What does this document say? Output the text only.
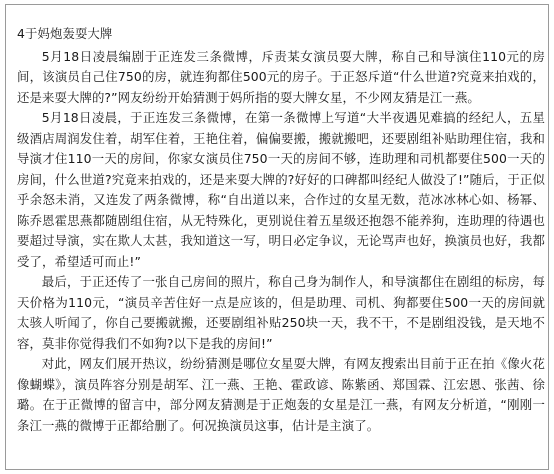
4于妈炮轰耍大牌

5月18日凌晨编剧于正连发三条微博，斥责某女演员耍大牌，称自己和导演住110元的房间，该演员自己住750的房，就连狗都住500元的房子。于正怒斥道“什么世道?究竟来拍戏的，还是来耍大牌的?”网友纷纷开始猜测于妈所指的耍大牌女星，不少网友猜是江一燕。

5月18日凌晨，于正连发三条微博，在第一条微博上写道“大半夜遇见难搞的经纪人，五星级酒店周润发住着，胡军住着，王艳住着，偏偏要搬，搬就搬吧，还要剧组补贴助理住宿，我和导演才住110一天的房间，你家女演员住750一天的房间不够，连助理和司机都要住500一天的房间，什么世道?究竟来拍戏的，还是来耍大牌的?好好的口碑都叫经纪人做没了!”随后，于正似乎余怒未消，又连发了两条微博，称“自出道以来，合作过的女星无数，范冰冰林心如、杨幂、陈乔恩霍思燕都随剧组住宿，从无特殊化，更别说住着五星级还抱怨不能养狗，连助理的待遇也要超过导演，实在欺人太甚，我知道这一写，明日必定争议，无论骂声也好，换演员也好，我都受了，希望适可而止!”

最后，于正还传了一张自己房间的照片，称自己身为制作人，和导演都住在剧组的标房，每天价格为110元，“演员辛苦住好一点是应该的，但是助理、司机、狗都要住500一天的房间就太骇人听闻了，你自己要搬就搬，还要剧组补贴250块一天，我不干，不是剧组没钱，是天地不容，莫非你觉得我们不如狗?以下是我的房间!”

对此，网友们展开热议，纷纷猜测是哪位女星耍大牌，有网友搜索出目前于正在拍《像火花像蝴蝶》，演员阵容分别是胡军、江一燕、王艳、霍政谚、陈紫函、郑国霖、江宏恩、张茜、徐璐。在于正微博的留言中，部分网友猜测是于正炮轰的女星是江一燕，有网友分析道，“刚刚一条江一燕的微博于正都给删了。何况换演员这事，估计是主演了。
